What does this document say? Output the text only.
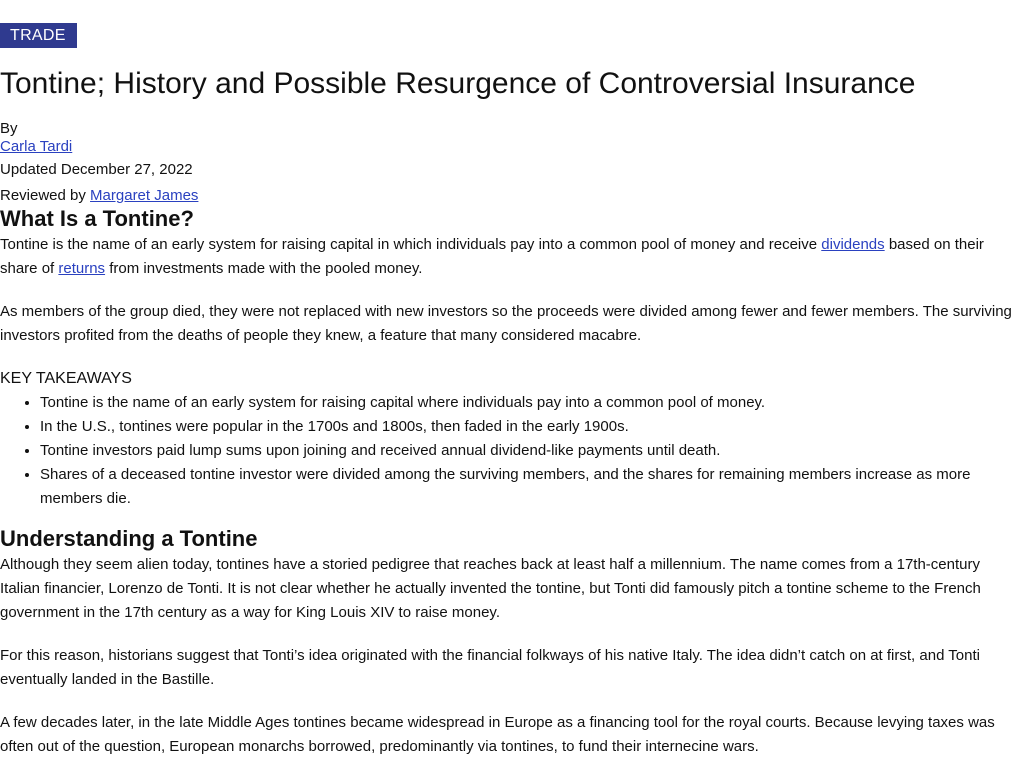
TRADE
Tontine; History and Possible Resurgence of Controversial Insurance
By
Carla Tardi
Updated December 27, 2022
Reviewed by Margaret James
What Is a Tontine?

Tontine is the name of an early system for raising capital in which individuals pay into a common pool of money and receive dividends based on their share of returns from investments made with the pooled money.

As members of the group died, they were not replaced with new investors so the proceeds were divided among fewer and fewer members. The surviving investors profited from the deaths of people they knew, a feature that many considered macabre.

KEY TAKEAWAYS
• Tontine is the name of an early system for raising capital where individuals pay into a common pool of money.
• In the U.S., tontines were popular in the 1700s and 1800s, then faded in the early 1900s.
• Tontine investors paid lump sums upon joining and received annual dividend-like payments until death.
• Shares of a deceased tontine investor were divided among the surviving members, and the shares for remaining members increase as more members die.
Understanding a Tontine

Although they seem alien today, tontines have a storied pedigree that reaches back at least half a millennium. The name comes from a 17th-century Italian financier, Lorenzo de Tonti. It is not clear whether he actually invented the tontine, but Tonti did famously pitch a tontine scheme to the French government in the 17th century as a way for King Louis XIV to raise money.

For this reason, historians suggest that Tonti’s idea originated with the financial folkways of his native Italy. The idea didn’t catch on at first, and Tonti eventually landed in the Bastille.

A few decades later, in the late Middle Ages tontines became widespread in Europe as a financing tool for the royal courts. Because levying taxes was often out of the question, European monarchs borrowed, predominantly via tontines, to fund their internecine wars.
